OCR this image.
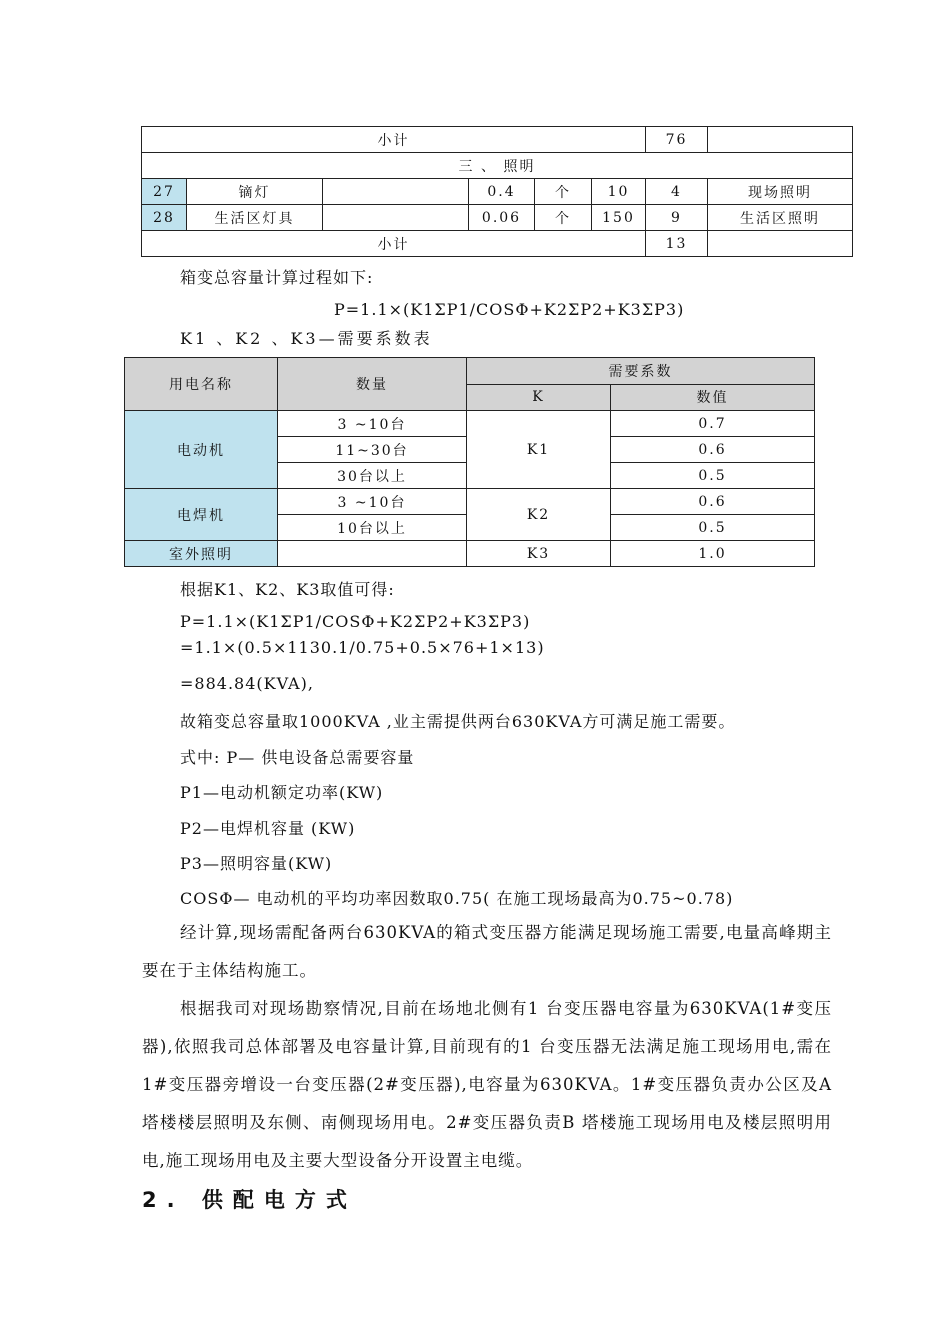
小计						76	
三 、 照明							
27	镝灯		0.4	个	10	4	现场照明
28	生活区灯具		0.06	个	150	9	生活区照明
小计						13	
箱变总容量计算过程如下:
P=1.1×(K1ΣP1/COSΦ+K2ΣP2+K3ΣP3)
K1 、K2 、K3—需要系数表
用电名称	数量	需要系数	
		K	数值
电动机	3 ~10台	K1	0.7
	11~30台		0.6
	30台以上		0.5
电焊机	3 ~10台	K2	0.6
	10台以上		0.5
室外照明		K3	1.0
根据K1、K2、K3取值可得:
P=1.1×(K1ΣP1/COSΦ+K2ΣP2+K3ΣP3)
=1.1×(0.5×1130.1/0.75+0.5×76+1×13)
=884.84(KVA),
故箱变总容量取1000KVA ,业主需提供两台630KVA方可满足施工需要。
式中: P— 供电设备总需要容量
P1—电动机额定功率(KW)
P2—电焊机容量 (KW)
P3—照明容量(KW)
COSΦ— 电动机的平均功率因数取0.75( 在施工现场最高为0.75~0.78)
经计算,现场需配备两台630KVA的箱式变压器方能满足现场施工需要,电量高峰期主要在于主体结构施工。
根据我司对现场勘察情况,目前在场地北侧有1 台变压器电容量为630KVA(1#变压器),依照我司总体部署及电容量计算,目前现有的1 台变压器无法满足施工现场用电,需在1#变压器旁增设一台变压器(2#变压器),电容量为630KVA。1#变压器负责办公区及A 塔楼楼层照明及东侧、南侧现场用电。2#变压器负责B 塔楼施工现场用电及楼层照明用电,施工现场用电及主要大型设备分开设置主电缆。
2. 供配电方式
